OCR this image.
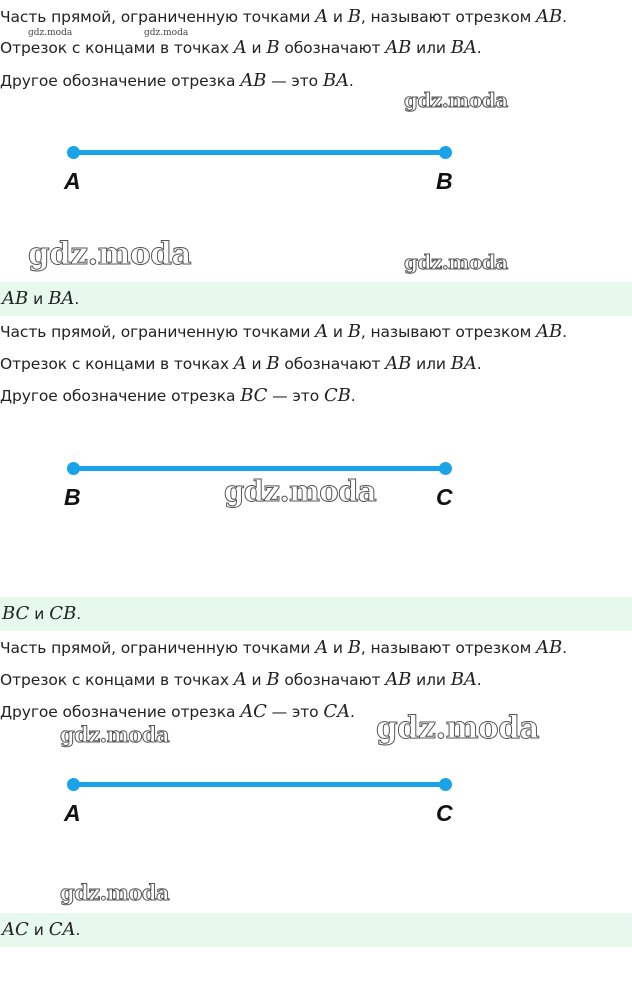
Часть прямой, ограниченную точками A и B, называют отрезком AB.
Отрезок с концами в точках A и B обозначают AB или BA.
Другое обозначение отрезка AB — это BA.
A	B
AB и BA.
Часть прямой, ограниченную точками A и B, называют отрезком AB.
Отрезок с концами в точках A и B обозначают AB или BA.
Другое обозначение отрезка BC — это CB.
B	C
BC и CB.
Часть прямой, ограниченную точками A и B, называют отрезком AB.
Отрезок с концами в точках A и B обозначают AB или BA.
Другое обозначение отрезка AC — это CA.
A	C
AC и CA.
gdz.moda	gdz.moda
gdz.moda
gdz.moda	gdz.moda
gdz.moda
gdz.moda
gdz.moda
gdz.moda
